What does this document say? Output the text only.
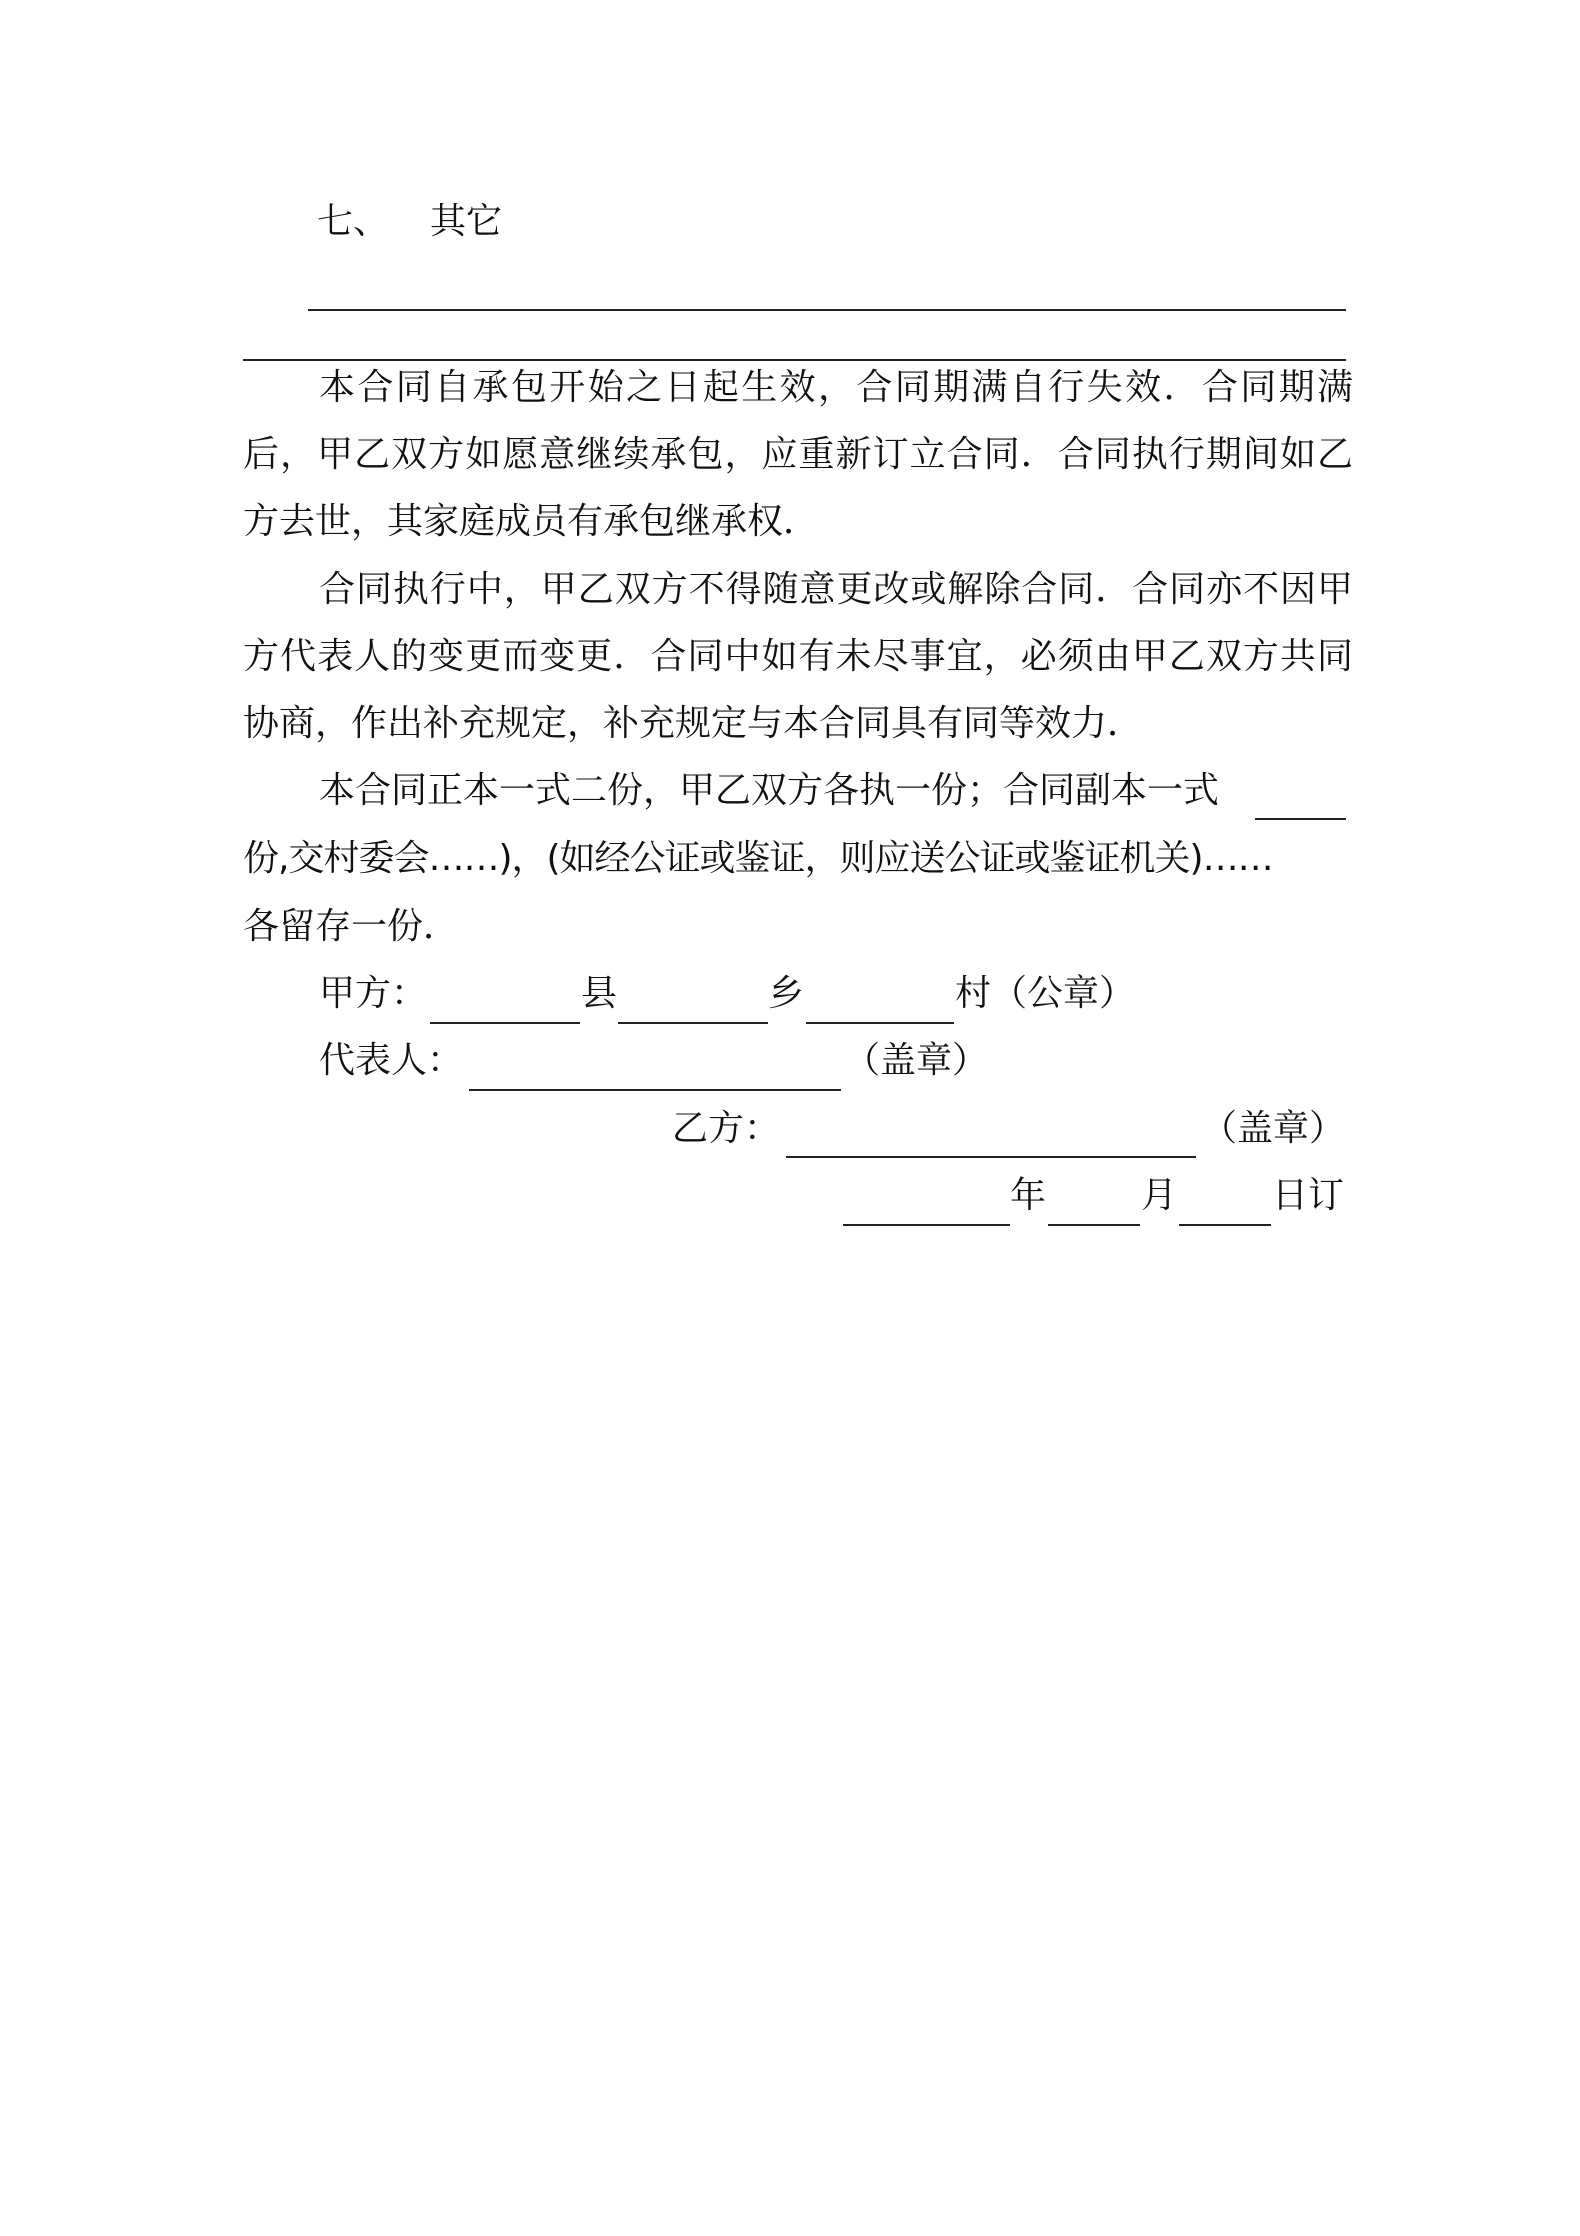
七、 其它
本合同自承包开始之日起生效，合同期满自行失效．合同期满后，甲乙双方如愿意继续承包，应重新订立合同．合同执行期间如乙方去世，其家庭成员有承包继承权．
合同执行中，甲乙双方不得随意更改或解除合同．合同亦不因甲方代表人的变更而变更．合同中如有未尽事宜，必须由甲乙双方共同协商，作出补充规定，补充规定与本合同具有同等效力．
本合同正本一式二份，甲乙双方各执一份；合同副本一式
份,交村委会……)，(如经公证或鉴证，则应送公证或鉴证机关)……
各留存一份．
甲方：	县	乡	村（公章）
代表人：	（盖章）
乙方：	（盖章）
年	月	日订
